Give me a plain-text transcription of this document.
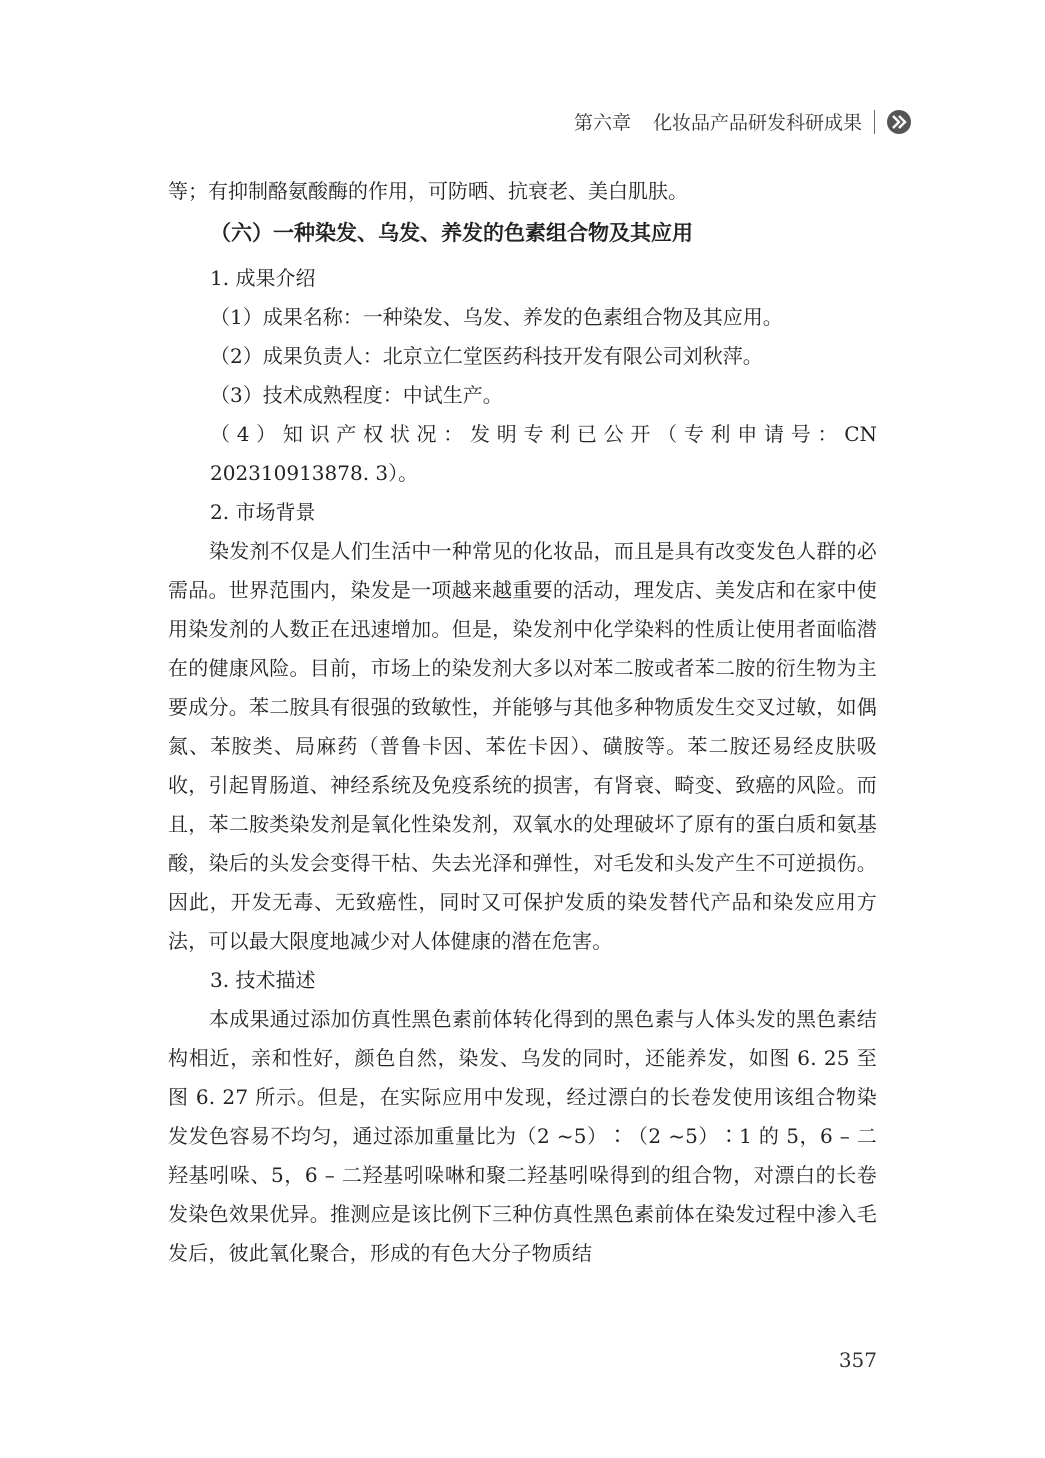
第六章 化妆品产品研发科研成果

等；有抑制酪氨酸酶的作用，可防晒、抗衰老、美白肌肤。

（六）一种染发、乌发、养发的色素组合物及其应用

1. 成果介绍

（1）成果名称：一种染发、乌发、养发的色素组合物及其应用。

（2）成果负责人：北京立仁堂医药科技开发有限公司刘秋萍。

（3）技术成熟程度：中试生产。

（4）知识产权状况：发明专利已公开（专利申请号：CN 202310913878. 3）。

2. 市场背景

染发剂不仅是人们生活中一种常见的化妆品，而且是具有改变发色人群的必需品。世界范围内，染发是一项越来越重要的活动，理发店、美发店和在家中使用染发剂的人数正在迅速增加。但是，染发剂中化学染料的性质让使用者面临潜在的健康风险。目前，市场上的染发剂大多以对苯二胺或者苯二胺的衍生物为主要成分。苯二胺具有很强的致敏性，并能够与其他多种物质发生交叉过敏，如偶氮、苯胺类、局麻药（普鲁卡因、苯佐卡因）、磺胺等。苯二胺还易经皮肤吸收，引起胃肠道、神经系统及免疫系统的损害，有肾衰、畸变、致癌的风险。而且，苯二胺类染发剂是氧化性染发剂，双氧水的处理破坏了原有的蛋白质和氨基酸，染后的头发会变得干枯、失去光泽和弹性，对毛发和头发产生不可逆损伤。因此，开发无毒、无致癌性，同时又可保护发质的染发替代产品和染发应用方法，可以最大限度地减少对人体健康的潜在危害。

3. 技术描述

本成果通过添加仿真性黑色素前体转化得到的黑色素与人体头发的黑色素结构相近，亲和性好，颜色自然，染发、乌发的同时，还能养发，如图 6. 25 至图 6. 27 所示。但是，在实际应用中发现，经过漂白的长卷发使用该组合物染发发色容易不均匀，通过添加重量比为（2 ~5）∶（2 ~5）∶1 的 5，6 – 二羟基吲哚、5，6 – 二羟基吲哚啉和聚二羟基吲哚得到的组合物，对漂白的长卷发染色效果优异。推测应是该比例下三种仿真性黑色素前体在染发过程中渗入毛发后，彼此氧化聚合，形成的有色大分子物质结

357
